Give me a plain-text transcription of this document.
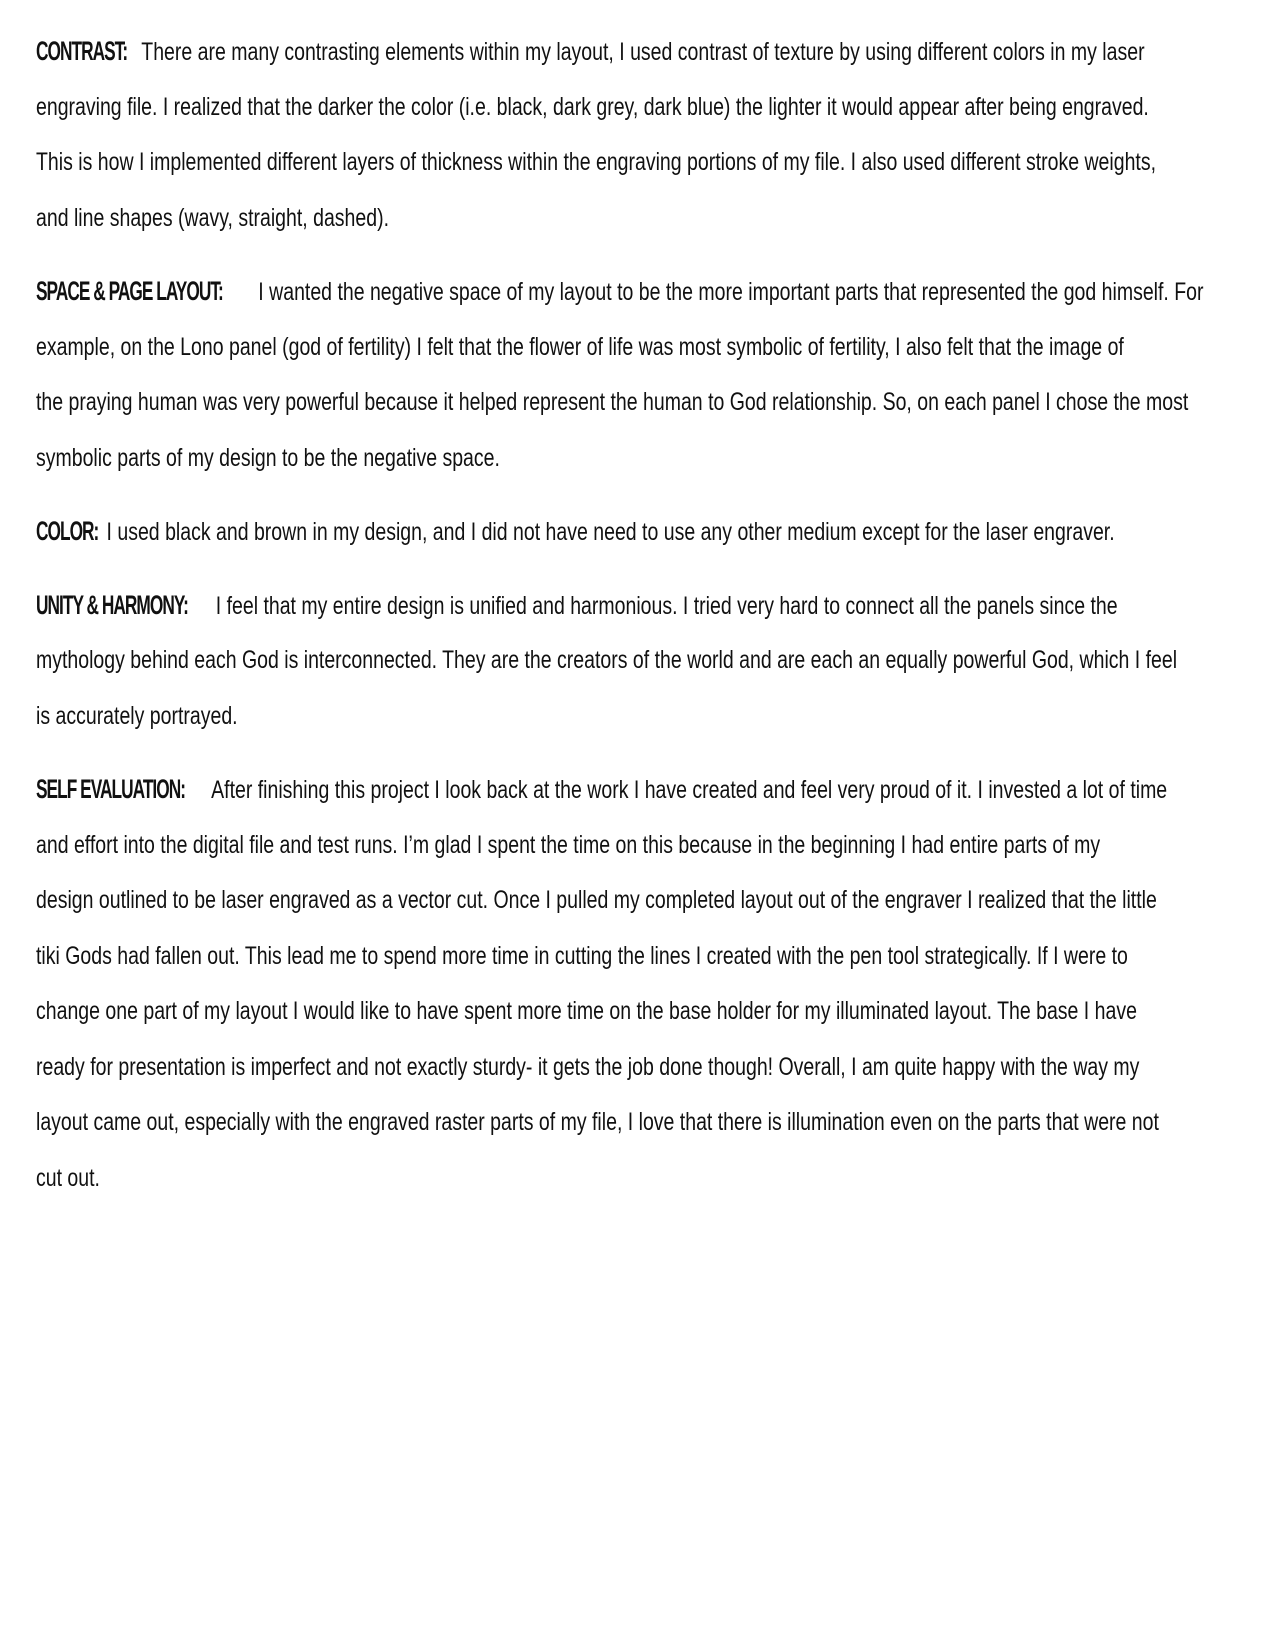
CONTRAST: There are many contrasting elements within my layout, I used contrast of texture by using different colors in my laser
engraving file. I realized that the darker the color (i.e. black, dark grey, dark blue) the lighter it would appear after being engraved.
This is how I implemented different layers of thickness within the engraving portions of my file. I also used different stroke weights,
and line shapes (wavy, straight, dashed).
SPACE & PAGE LAYOUT: I wanted the negative space of my layout to be the more important parts that represented the god himself. For
example, on the Lono panel (god of fertility) I felt that the flower of life was most symbolic of fertility, I also felt that the image of
the praying human was very powerful because it helped represent the human to God relationship. So, on each panel I chose the most
symbolic parts of my design to be the negative space.
COLOR: I used black and brown in my design, and I did not have need to use any other medium except for the laser engraver.
UNITY & HARMONY: I feel that my entire design is unified and harmonious. I tried very hard to connect all the panels since the
mythology behind each God is interconnected. They are the creators of the world and are each an equally powerful God, which I feel
is accurately portrayed.
SELF EVALUATION: After finishing this project I look back at the work I have created and feel very proud of it. I invested a lot of time
and effort into the digital file and test runs. I’m glad I spent the time on this because in the beginning I had entire parts of my
design outlined to be laser engraved as a vector cut. Once I pulled my completed layout out of the engraver I realized that the little
tiki Gods had fallen out. This lead me to spend more time in cutting the lines I created with the pen tool strategically. If I were to
change one part of my layout I would like to have spent more time on the base holder for my illuminated layout. The base I have
ready for presentation is imperfect and not exactly sturdy- it gets the job done though! Overall, I am quite happy with the way my
layout came out, especially with the engraved raster parts of my file, I love that there is illumination even on the parts that were not
cut out.
